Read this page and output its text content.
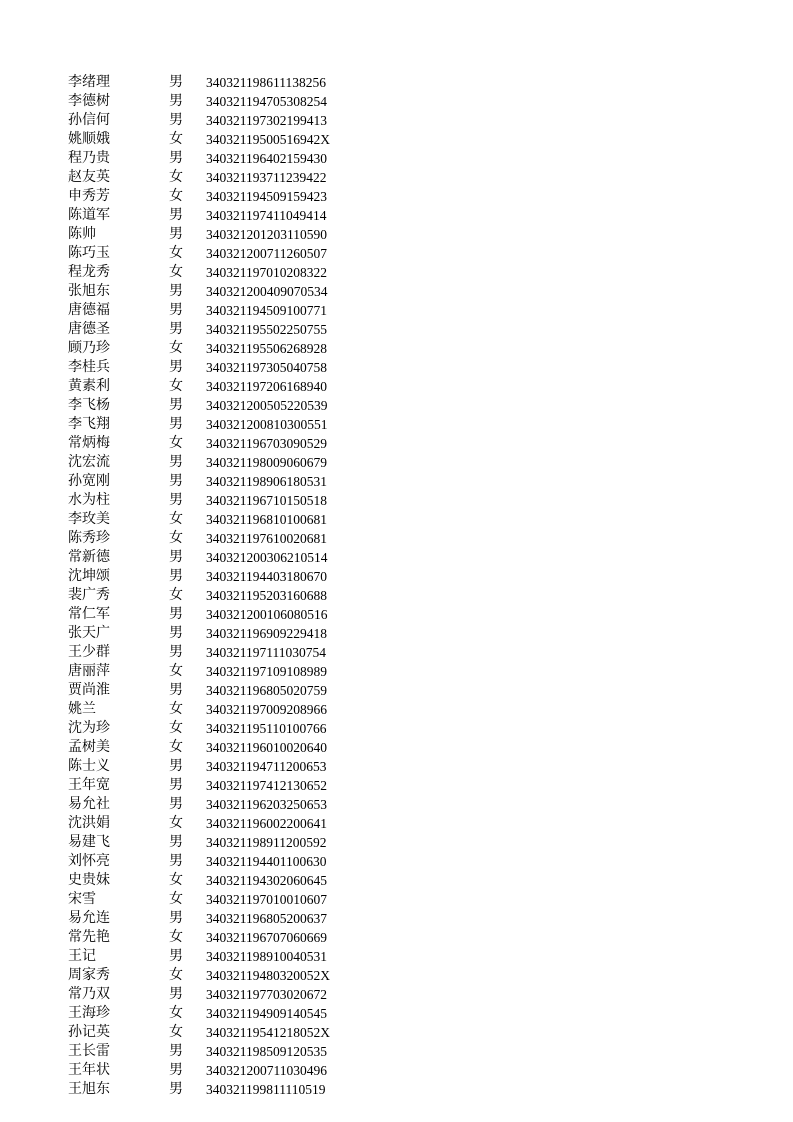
李绪理	男	340321198611138256
李德树	男	340321194705308254
孙信何	男	340321197302199413
姚顺娥	女	34032119500516942X
程乃贵	男	340321196402159430
赵友英	女	340321193711239422
申秀芳	女	340321194509159423
陈道军	男	340321197411049414
陈帅	男	340321201203110590
陈巧玉	女	340321200711260507
程龙秀	女	340321197010208322
张旭东	男	340321200409070534
唐德福	男	340321194509100771
唐德圣	男	340321195502250755
顾乃珍	女	340321195506268928
李桂兵	男	340321197305040758
黄素利	女	340321197206168940
李飞杨	男	340321200505220539
李飞翔	男	340321200810300551
常炳梅	女	340321196703090529
沈宏流	男	340321198009060679
孙宽刚	男	340321198906180531
水为柱	男	340321196710150518
李玫美	女	340321196810100681
陈秀珍	女	340321197610020681
常新德	男	340321200306210514
沈坤颂	男	340321194403180670
裴广秀	女	340321195203160688
常仁军	男	340321200106080516
张天广	男	340321196909229418
王少群	男	340321197111030754
唐丽萍	女	340321197109108989
贾尚淮	男	340321196805020759
姚兰	女	340321197009208966
沈为珍	女	340321195110100766
孟树美	女	340321196010020640
陈士义	男	340321194711200653
王年宽	男	340321197412130652
易允社	男	340321196203250653
沈洪娟	女	340321196002200641
易建飞	男	340321198911200592
刘怀亮	男	340321194401100630
史贵妹	女	340321194302060645
宋雪	女	340321197010010607
易允连	男	340321196805200637
常先艳	女	340321196707060669
王记	男	340321198910040531
周家秀	女	34032119480320052X
常乃双	男	340321197703020672
王海珍	女	340321194909140545
孙记英	女	34032119541218052X
王长雷	男	340321198509120535
王年状	男	340321200711030496
王旭东	男	340321199811110519
